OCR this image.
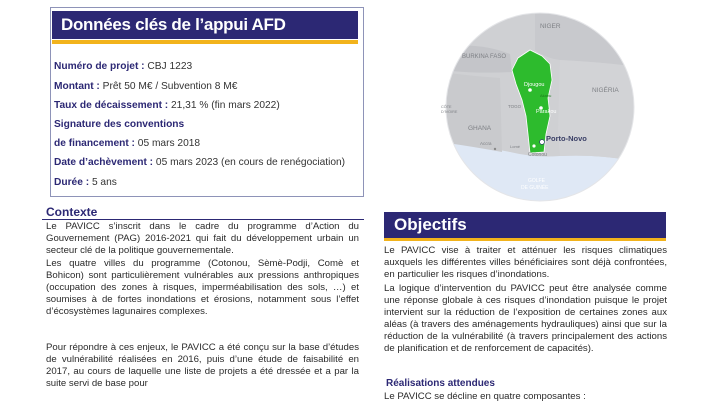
Données clés de l’appui AFD
Numéro de projet : CBJ 1223
Montant : Prêt 50 M€ / Subvention 8 M€
Taux de décaissement : 21,31 % (fin mars 2022)
Signature des conventions
de financement : 05 mars 2018
Date d’achèvement : 05 mars 2023 (en cours de renégociation)
Durée : 5 ans
Contexte

Le PAVICC s’inscrit dans le cadre du programme d’Action du Gouvernement (PAG) 2016-2021 qui fait du développement urbain un secteur clé de la politique gouvernementale.

Les quatre villes du programme (Cotonou, Sèmè-Podji, Comè et Bohicon) sont particulièrement vulnérables aux pressions anthropiques (occupation des zones à risques, imperméabilisation des sols, …) et soumises à de fortes inondations et érosions, notamment sous l’effet d’écosystèmes lagunaires complexes.

Pour répondre à ces enjeux, le PAVICC a été conçu sur la base d’études de vulnérabilité réalisées en 2016, puis d’une étude de faisabilité en 2017, au cours de laquelle une liste de projets a été dressée et a par la suite servi de base pour

NIGER
BURKINA FASO
NIGÉRIA
TOGO
GHANA
CÔTE
D’IVOIRE
Accra
Lomé
Cotonou
Djougou
Parakou
Akanu
Porto-Novo
GOLFE
DE GUINÉE
Objectifs

Le PAVICC vise à traiter et atténuer les risques climatiques auxquels les différentes villes bénéficiaires sont déjà confrontées, en particulier les risques d’inondations.

La logique d’intervention du PAVICC peut être analysée comme une réponse globale à ces risques d’inondation puisque le projet intervient sur la réduction de l’exposition de certaines zones aux aléas (à travers des aménagements hydrauliques) ainsi que sur la réduction de la vulnérabilité (à travers principalement des actions de planification et de renforcement de capacités).

Réalisations attendues

Le PAVICC se décline en quatre composantes :
